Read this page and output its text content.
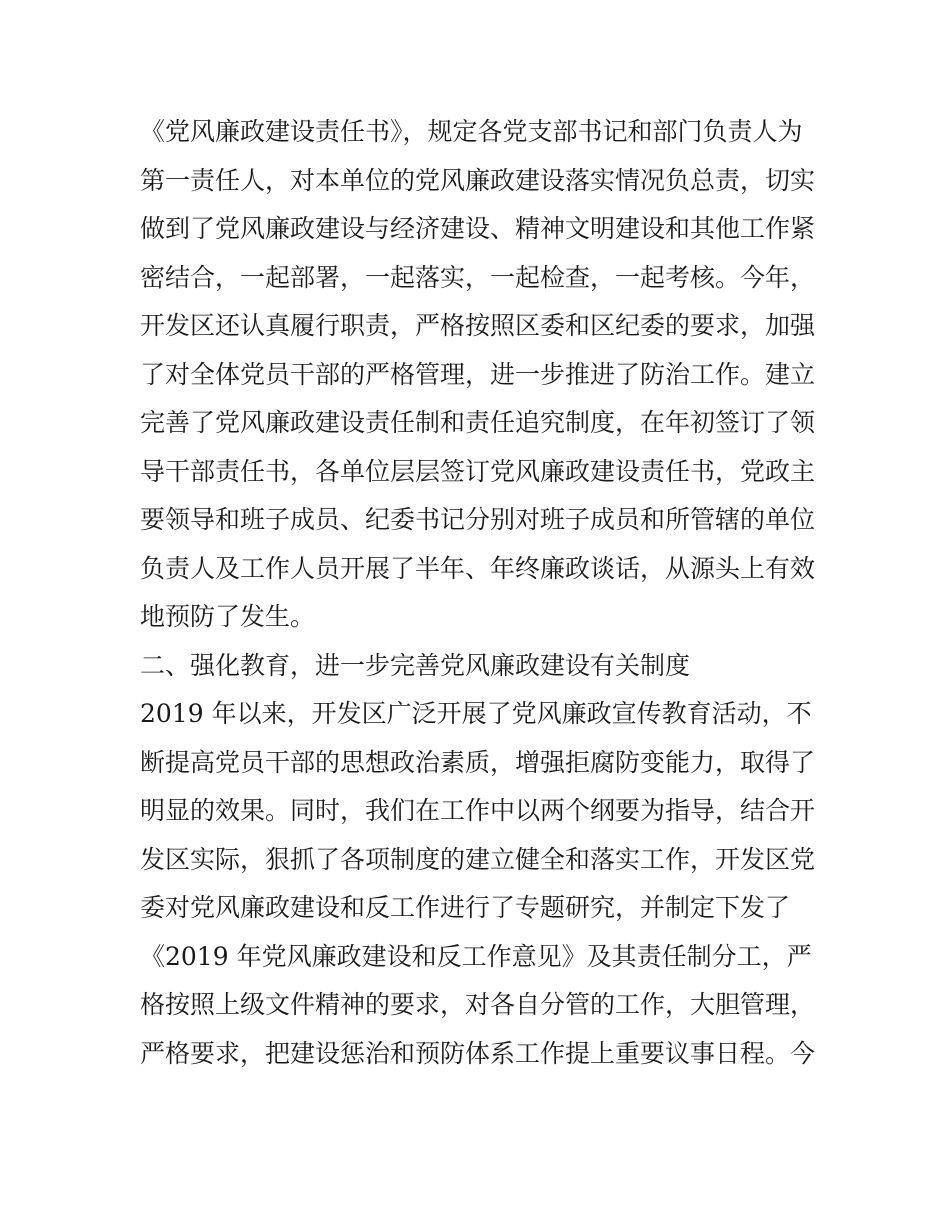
《党风廉政建设责任书》，规定各党支部书记和部门负责人为
第一责任人，对本单位的党风廉政建设落实情况负总责，切实
做到了党风廉政建设与经济建设、精神文明建设和其他工作紧
密结合，一起部署，一起落实，一起检查，一起考核。今年，
开发区还认真履行职责，严格按照区委和区纪委的要求，加强
了对全体党员干部的严格管理，进一步推进了防治工作。建立
完善了党风廉政建设责任制和责任追究制度，在年初签订了领
导干部责任书，各单位层层签订党风廉政建设责任书，党政主
要领导和班子成员、纪委书记分别对班子成员和所管辖的单位
负责人及工作人员开展了半年、年终廉政谈话，从源头上有效
地预防了发生。
二、强化教育，进一步完善党风廉政建设有关制度
2019 年以来，开发区广泛开展了党风廉政宣传教育活动，不
断提高党员干部的思想政治素质，增强拒腐防变能力，取得了
明显的效果。同时，我们在工作中以两个纲要为指导，结合开
发区实际，狠抓了各项制度的建立健全和落实工作，开发区党
委对党风廉政建设和反工作进行了专题研究，并制定下发了
《2019 年党风廉政建设和反工作意见》及其责任制分工，严
格按照上级文件精神的要求，对各自分管的工作，大胆管理，
严格要求，把建设惩治和预防体系工作提上重要议事日程。今
